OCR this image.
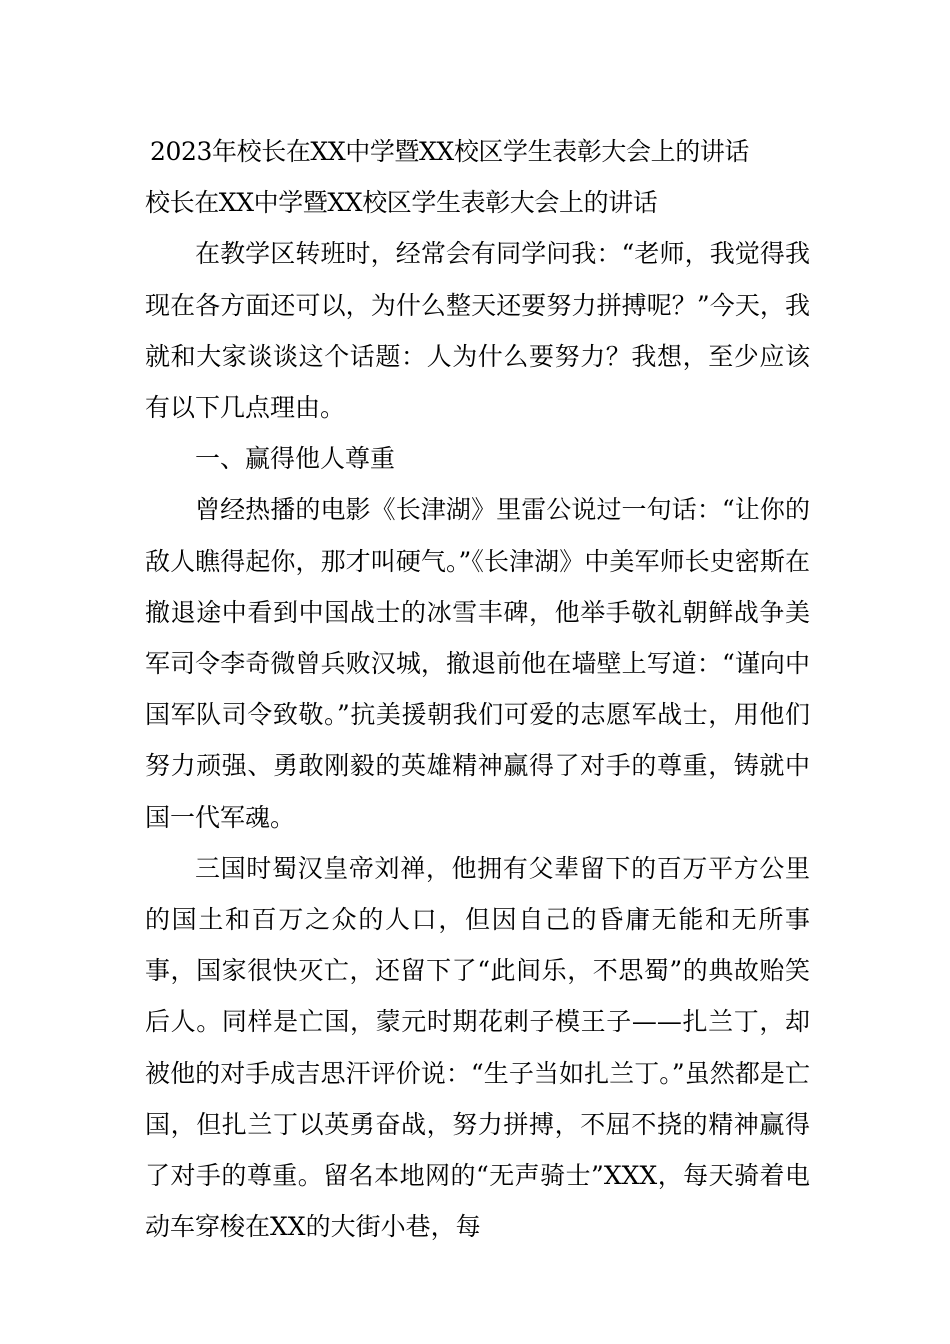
2023年校长在XX中学暨XX校区学生表彰大会上的讲话

校长在XX中学暨XX校区学生表彰大会上的讲话

在教学区转班时，经常会有同学问我：“老师，我觉得我现在各方面还可以，为什么整天还要努力拼搏呢？”今天，我就和大家谈谈这个话题：人为什么要努力？我想，至少应该有以下几点理由。

一、赢得他人尊重

曾经热播的电影《长津湖》里雷公说过一句话：“让你的敌人瞧得起你，那才叫硬气。”《长津湖》中美军师长史密斯在撤退途中看到中国战士的冰雪丰碑，他举手敬礼朝鲜战争美军司令李奇微曾兵败汉城，撤退前他在墙壁上写道：“谨向中国军队司令致敬。”抗美援朝我们可爱的志愿军战士，用他们努力顽强、勇敢刚毅的英雄精神赢得了对手的尊重，铸就中国一代军魂。

三国时蜀汉皇帝刘禅，他拥有父辈留下的百万平方公里的国土和百万之众的人口，但因自己的昏庸无能和无所事事，国家很快灭亡，还留下了“此间乐，不思蜀”的典故贻笑后人。同样是亡国，蒙元时期花剌子模王子——扎兰丁，却被他的对手成吉思汗评价说：“生子当如扎兰丁。”虽然都是亡国，但扎兰丁以英勇奋战，努力拼搏，不屈不挠的精神赢得了对手的尊重。留名本地网的“无声骑士”XXX，每天骑着电动车穿梭在XX的大街小巷，每
